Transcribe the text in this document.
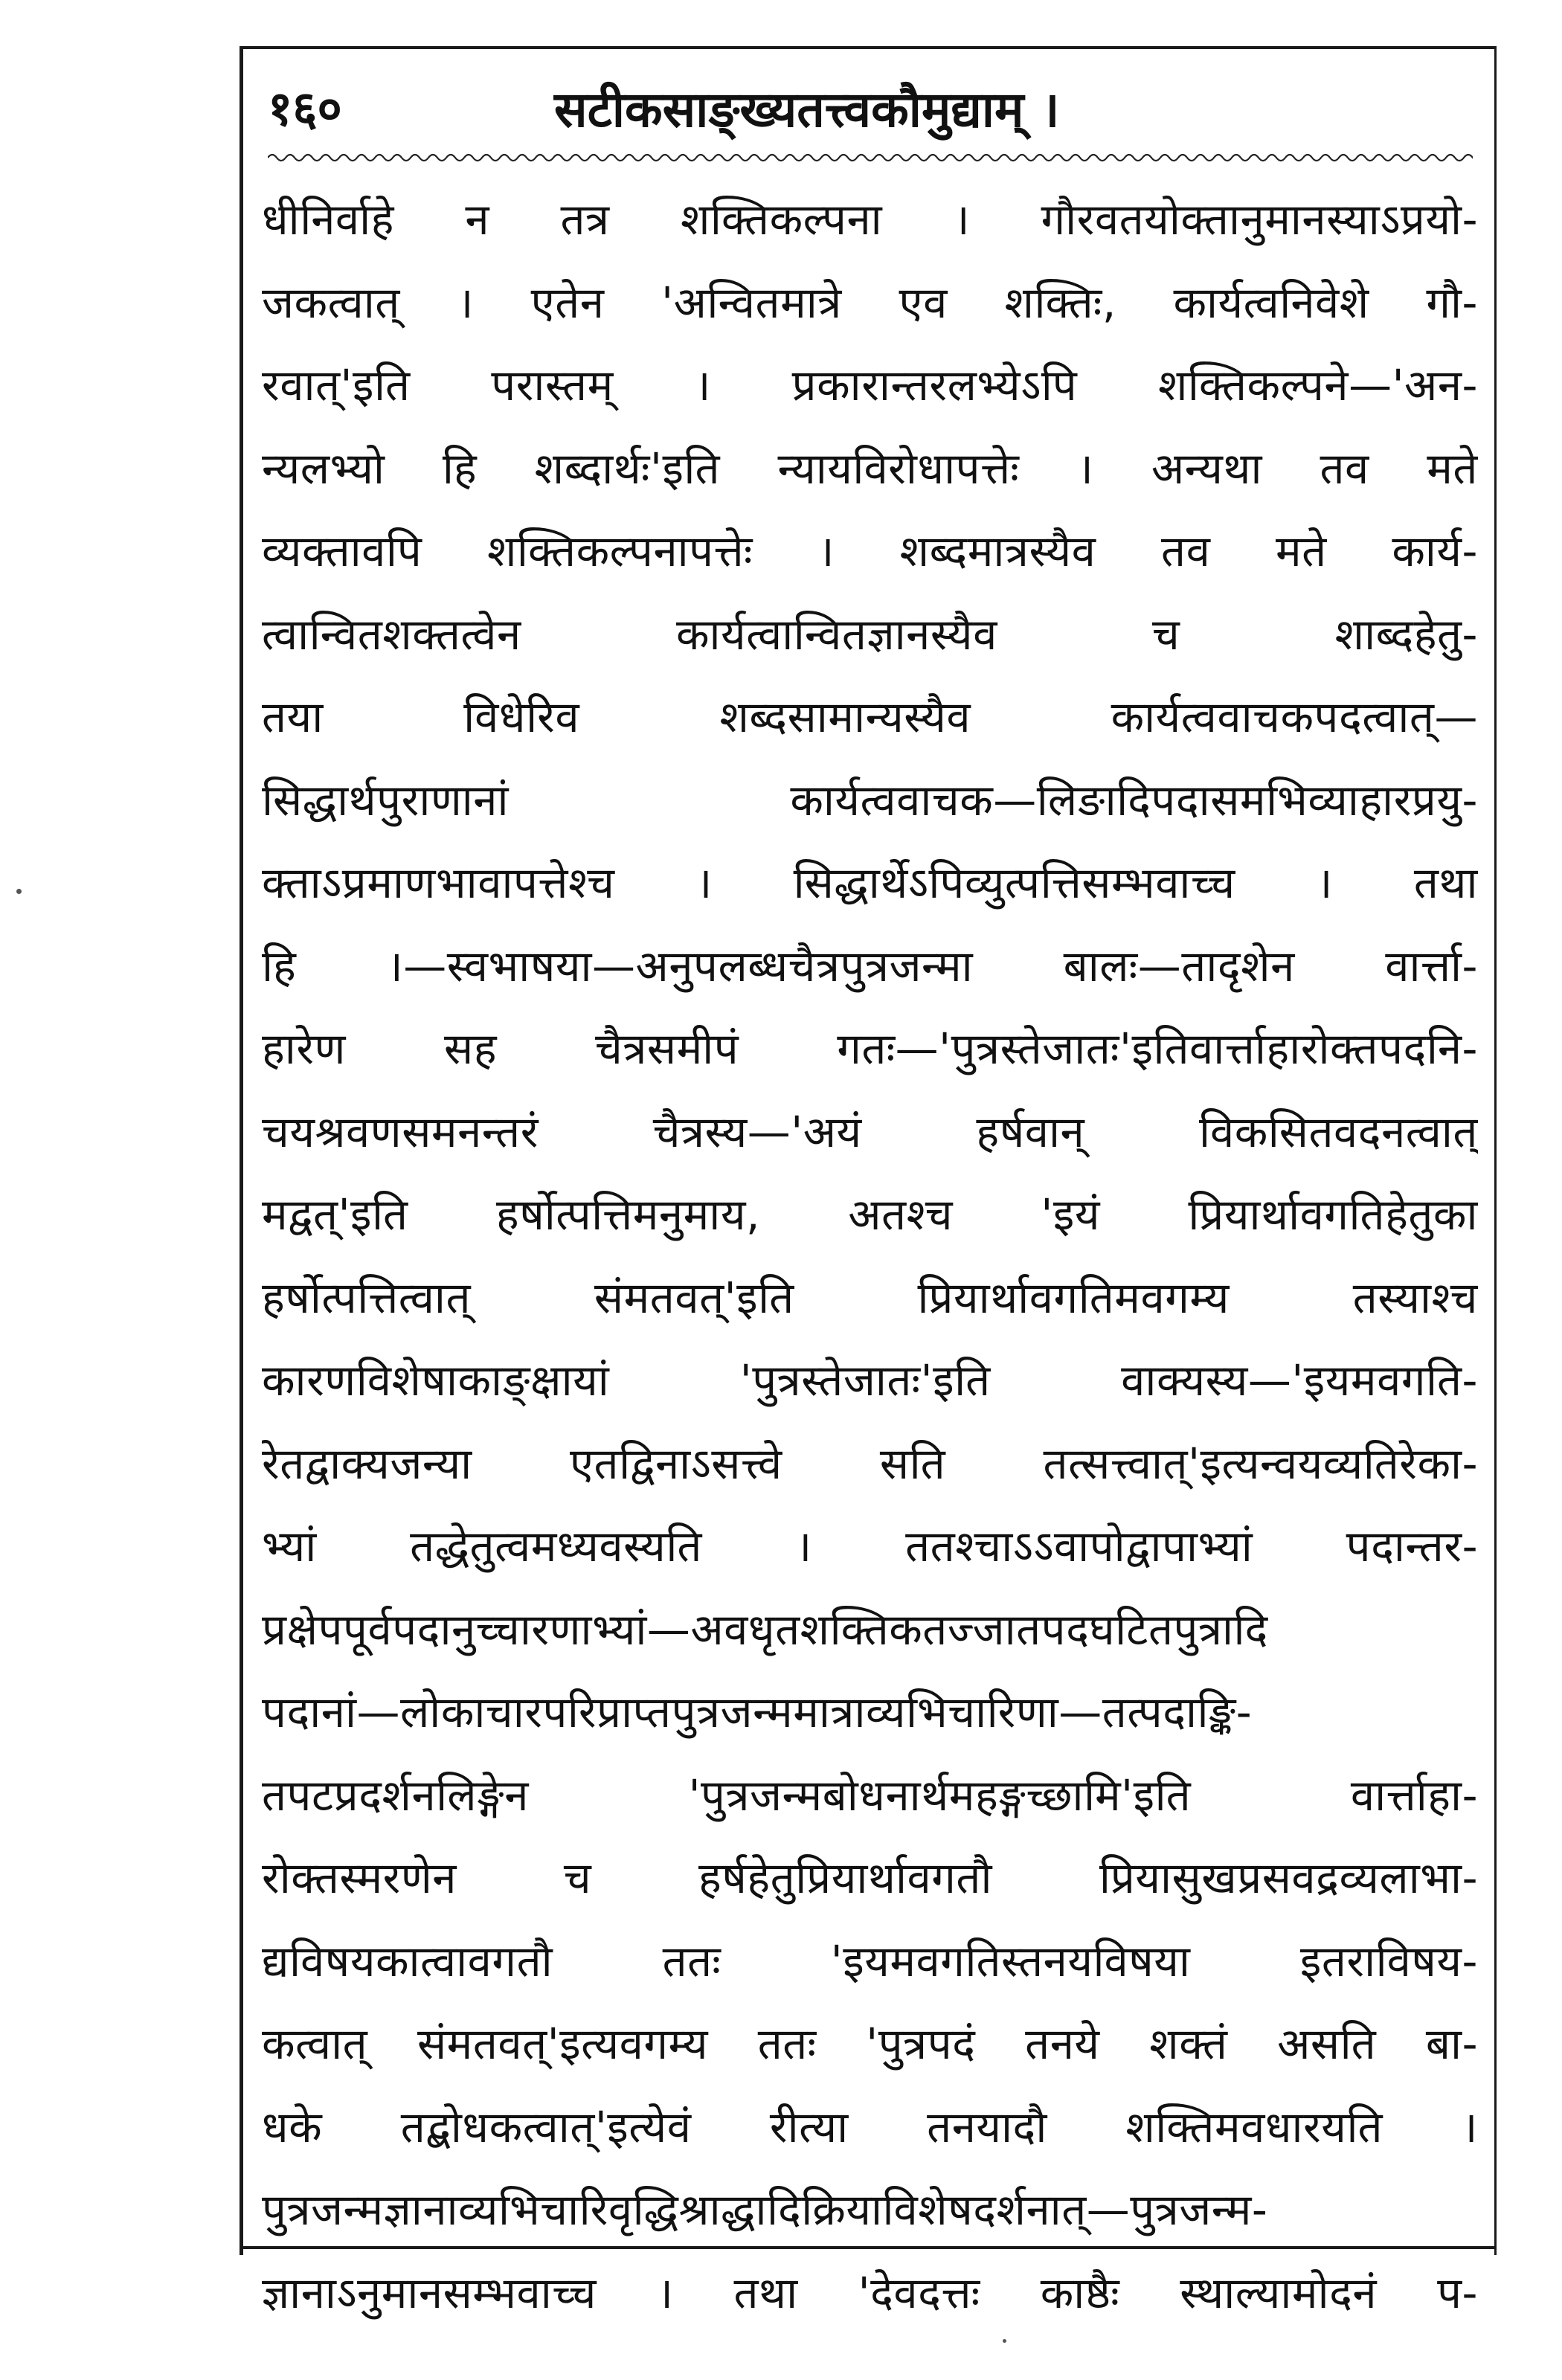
१६०	सटीकसाङ्ख्यतत्त्वकौमुद्याम् ।
धीनिर्वाहे न तत्र शक्तिकल्पना । गौरवतयोक्तानुमानस्याऽप्रयो-
जकत्वात् । एतेन 'अन्वितमात्रे एव शक्तिः, कार्यत्वनिवेशे गौ-
रवात्'इति परास्तम् । प्रकारान्तरलभ्येऽपि शक्तिकल्पने—'अन-
न्यलभ्यो हि शब्दार्थः'इति न्यायविरोधापत्तेः । अन्यथा तव मते
व्यक्तावपि शक्तिकल्पनापत्तेः । शब्दमात्रस्यैव तव मते कार्य-
त्वान्वितशक्तत्वेन कार्यत्वान्वितज्ञानस्यैव च शाब्दहेतु-
तया विधेरिव शब्दसामान्यस्यैव कार्यत्ववाचकपदत्वात्—
सिद्धार्थपुराणानां कार्यत्ववाचक—लिङादिपदासमभिव्याहारप्रयु-
क्ताऽप्रमाणभावापत्तेश्च । सिद्धार्थेऽपिव्युत्पत्तिसम्भवाच्च । तथा
हि ।—स्वभाषया—अनुपलब्धचैत्रपुत्रजन्मा बालः—तादृशेन वार्त्ता-
हारेण सह चैत्रसमीपं गतः—'पुत्रस्तेजातः'इतिवार्त्ताहारोक्तपदनि-
चयश्रवणसमनन्तरं चैत्रस्य—'अयं हर्षवान् विकसितवदनत्वात्
मद्वत्'इति हर्षोत्पत्तिमनुमाय, अतश्च 'इयं प्रियार्थावगतिहेतुका
हर्षोत्पत्तित्वात् संमतवत्'इति प्रियार्थावगतिमवगम्य तस्याश्च
कारणविशेषाकाङ्क्षायां 'पुत्रस्तेजातः'इति वाक्यस्य—'इयमवगति-
रेतद्वाक्यजन्या एतद्विनाऽसत्त्वे सति तत्सत्त्वात्'इत्यन्वयव्यतिरेका-
भ्यां तद्धेतुत्वमध्यवस्यति । ततश्चाऽऽवापोद्वापाभ्यां पदान्तर-
प्रक्षेपपूर्वपदानुच्चारणाभ्यां—अवधृतशक्तिकतज्जातपदघटितपुत्रादि
पदानां—लोकाचारपरिप्राप्तपुत्रजन्ममात्राव्यभिचारिणा—तत्पदाङ्कि-
तपटप्रदर्शनलिङ्गेन 'पुत्रजन्मबोधनार्थमहङ्गच्छामि'इति वार्त्ताहा-
रोक्तस्मरणेन च हर्षहेतुप्रियार्थावगतौ प्रियासुखप्रसवद्रव्यलाभा-
द्यविषयकात्वावगतौ ततः 'इयमवगतिस्तनयविषया इतराविषय-
कत्वात् संमतवत्'इत्यवगम्य ततः 'पुत्रपदं तनये शक्तं असति बा-
धके तद्बोधकत्वात्'इत्येवं रीत्या तनयादौ शक्तिमवधारयति ।
पुत्रजन्मज्ञानाव्यभिचारिवृद्धिश्राद्धादिक्रियाविशेषदर्शनात्—पुत्रजन्म-
ज्ञानाऽनुमानसम्भवाच्च । तथा 'देवदत्तः काष्ठैः स्थाल्यामोदनं प-
